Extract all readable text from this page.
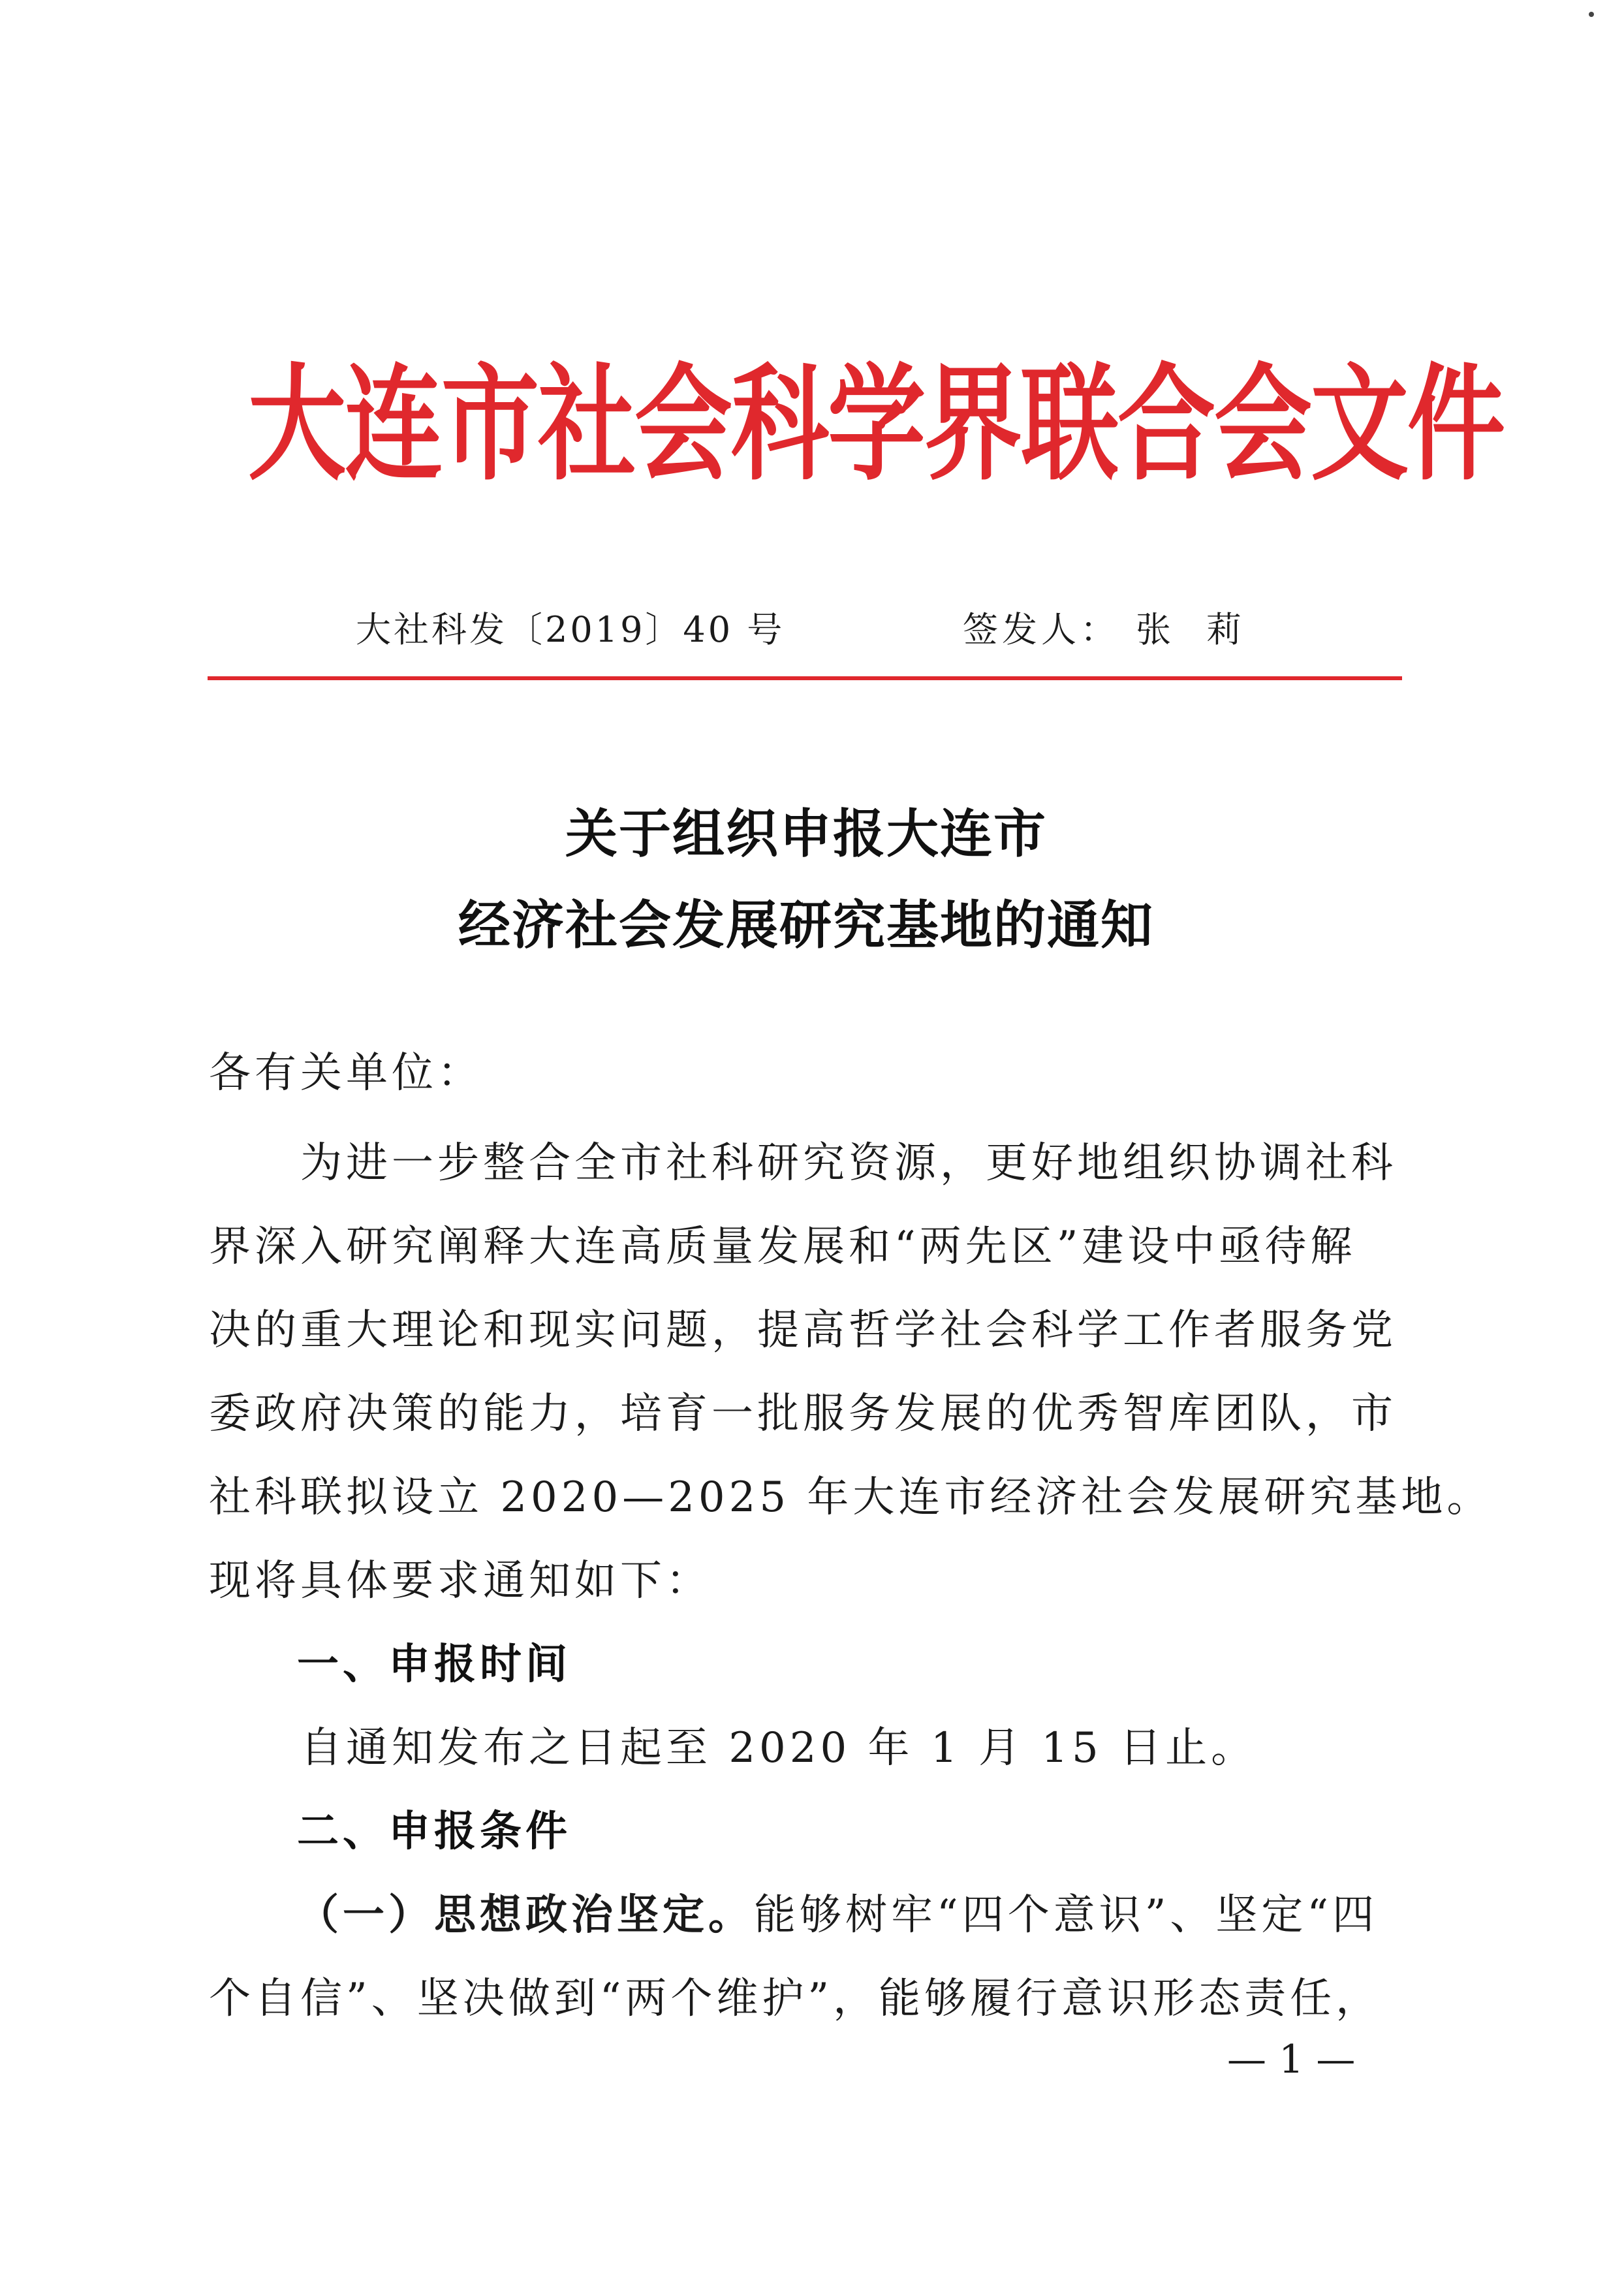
大连市社会科学界联合会文件
大社科发〔2019〕40 号	签发人： 张　莉
关于组织申报大连市
经济社会发展研究基地的通知
各有关单位：
　　为进一步整合全市社科研究资源，更好地组织协调社科
界深入研究阐释大连高质量发展和“两先区”建设中亟待解
决的重大理论和现实问题，提高哲学社会科学工作者服务党
委政府决策的能力，培育一批服务发展的优秀智库团队，市
社科联拟设立 2020—2025 年大连市经济社会发展研究基地。
现将具体要求通知如下：
一、申报时间
　　自通知发布之日起至 2020 年 1 月 15 日止。
二、申报条件
（一）思想政治坚定。能够树牢“四个意识”、坚定“四
个自信”、坚决做到“两个维护”，能够履行意识形态责任，
— 1 —
